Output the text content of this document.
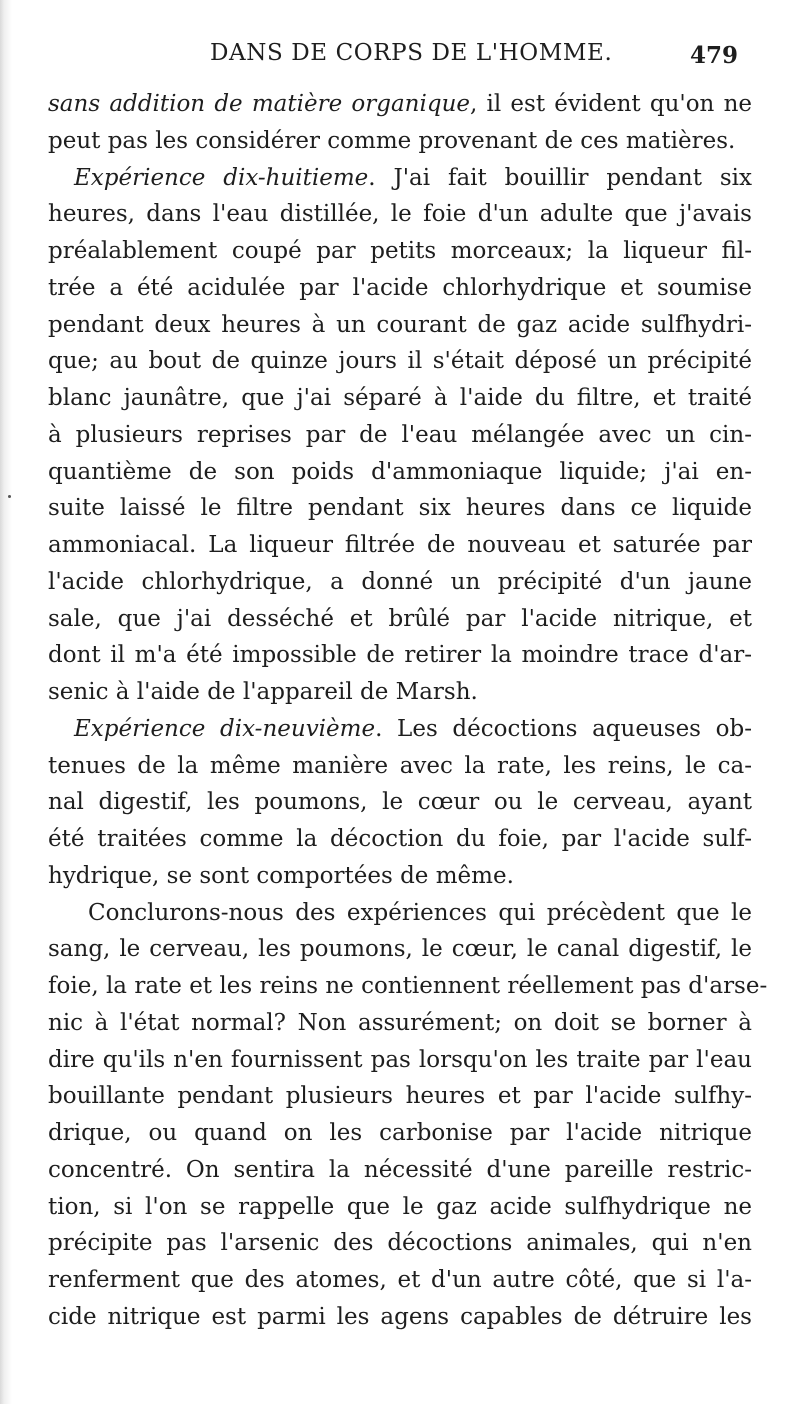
DANS DE CORPS DE L'HOMME.	479
sans addition de matière organique, il est évident qu'on ne
peut pas les considérer comme provenant de ces matières.
Expérience dix-huitieme. J'ai fait bouillir pendant six
heures, dans l'eau distillée, le foie d'un adulte que j'avais
préalablement coupé par petits morceaux; la liqueur fil-
trée a été acidulée par l'acide chlorhydrique et soumise
pendant deux heures à un courant de gaz acide sulfhydri-
que; au bout de quinze jours il s'était déposé un précipité
blanc jaunâtre, que j'ai séparé à l'aide du filtre, et traité
à plusieurs reprises par de l'eau mélangée avec un cin-
quantième de son poids d'ammoniaque liquide; j'ai en-
suite laissé le filtre pendant six heures dans ce liquide
ammoniacal. La liqueur filtrée de nouveau et saturée par
l'acide chlorhydrique, a donné un précipité d'un jaune
sale, que j'ai desséché et brûlé par l'acide nitrique, et
dont il m'a été impossible de retirer la moindre trace d'ar-
senic à l'aide de l'appareil de Marsh.
Expérience dix-neuvième. Les décoctions aqueuses ob-
tenues de la même manière avec la rate, les reins, le ca-
nal digestif, les poumons, le cœur ou le cerveau, ayant
été traitées comme la décoction du foie, par l'acide sulf-
hydrique, se sont comportées de même.
Conclurons-nous des expériences qui précèdent que le
sang, le cerveau, les poumons, le cœur, le canal digestif, le
foie, la rate et les reins ne contiennent réellement pas d'arse-
nic à l'état normal? Non assurément; on doit se borner à
dire qu'ils n'en fournissent pas lorsqu'on les traite par l'eau
bouillante pendant plusieurs heures et par l'acide sulfhy-
drique, ou quand on les carbonise par l'acide nitrique
concentré. On sentira la nécessité d'une pareille restric-
tion, si l'on se rappelle que le gaz acide sulfhydrique ne
précipite pas l'arsenic des décoctions animales, qui n'en
renferment que des atomes, et d'un autre côté, que si l'a-
cide nitrique est parmi les agens capables de détruire les
